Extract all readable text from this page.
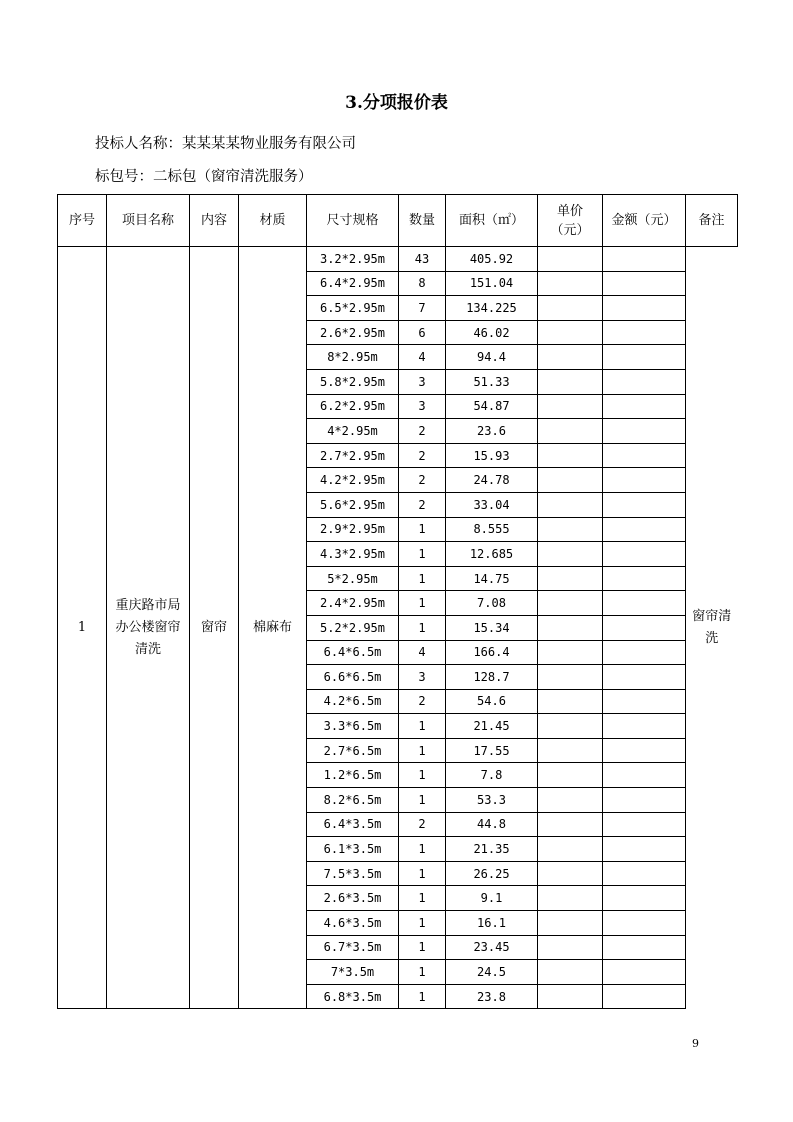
3.分项报价表
投标人名称：某某某某物业服务有限公司
标包号：二标包（窗帘清洗服务）
序号	项目名称	内容	材质	尺寸规格	数量	面积（㎡）	单价（元）	金额（元）	备注
1	重庆路市局办公楼窗帘清洗	窗帘	棉麻布	3.2*2.95m	43	405.92			窗帘清洗
				6.4*2.95m	8	151.04			
				6.5*2.95m	7	134.225			
				2.6*2.95m	6	46.02			
				8*2.95m	4	94.4			
				5.8*2.95m	3	51.33			
				6.2*2.95m	3	54.87			
				4*2.95m	2	23.6			
				2.7*2.95m	2	15.93			
				4.2*2.95m	2	24.78			
				5.6*2.95m	2	33.04			
				2.9*2.95m	1	8.555			
				4.3*2.95m	1	12.685			
				5*2.95m	1	14.75			
				2.4*2.95m	1	7.08			
				5.2*2.95m	1	15.34			
				6.4*6.5m	4	166.4			
				6.6*6.5m	3	128.7			
				4.2*6.5m	2	54.6			
				3.3*6.5m	1	21.45			
				2.7*6.5m	1	17.55			
				1.2*6.5m	1	7.8			
				8.2*6.5m	1	53.3			
				6.4*3.5m	2	44.8			
				6.1*3.5m	1	21.35			
				7.5*3.5m	1	26.25			
				2.6*3.5m	1	9.1			
				4.6*3.5m	1	16.1			
				6.7*3.5m	1	23.45			
				7*3.5m	1	24.5			
				6.8*3.5m	1	23.8			
9
